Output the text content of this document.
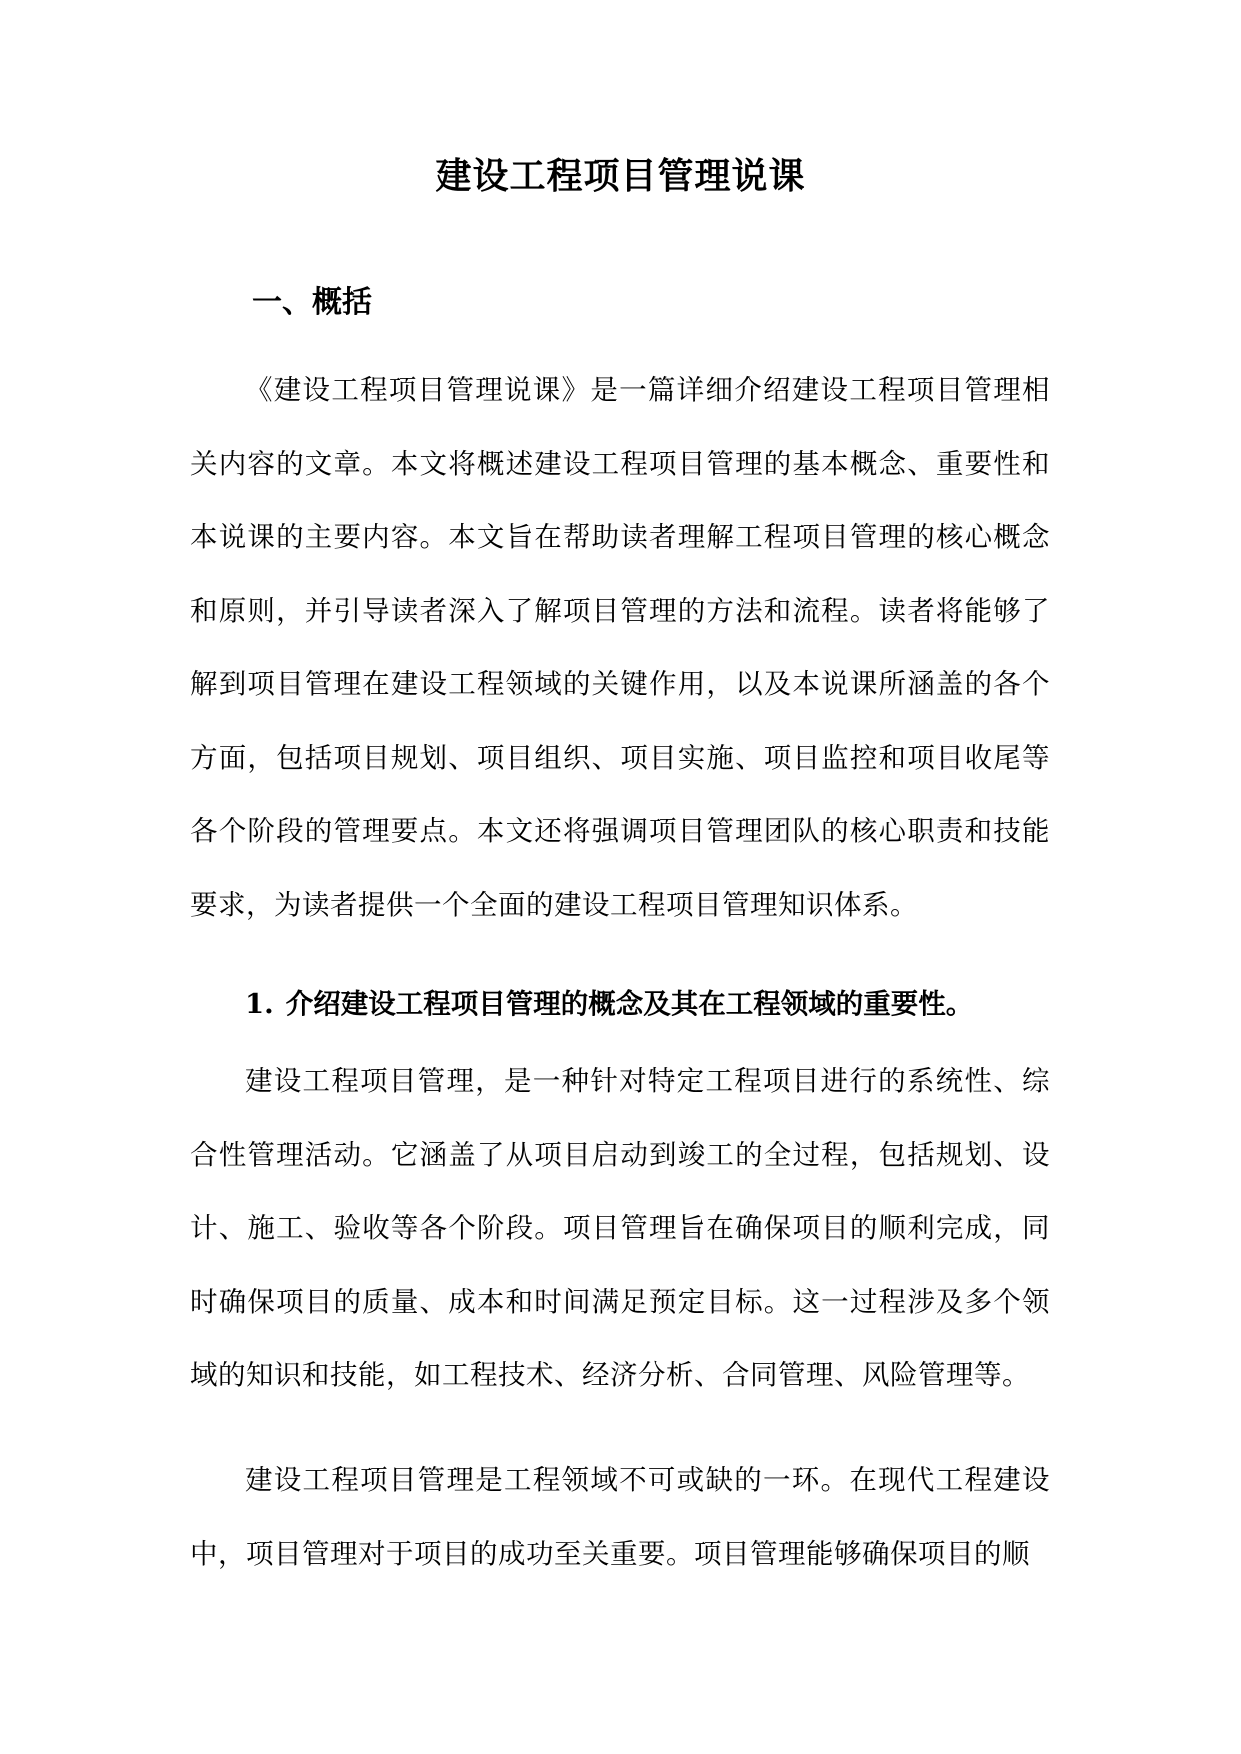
建设工程项目管理说课
一、概括

《建设工程项目管理说课》是一篇详细介绍建设工程项目管理相关内容的文章。本文将概述建设工程项目管理的基本概念、重要性和本说课的主要内容。本文旨在帮助读者理解工程项目管理的核心概念和原则，并引导读者深入了解项目管理的方法和流程。读者将能够了解到项目管理在建设工程领域的关键作用，以及本说课所涵盖的各个方面，包括项目规划、项目组织、项目实施、项目监控和项目收尾等各个阶段的管理要点。本文还将强调项目管理团队的核心职责和技能要求，为读者提供一个全面的建设工程项目管理知识体系。

1. 介绍建设工程项目管理的概念及其在工程领域的重要性。

建设工程项目管理，是一种针对特定工程项目进行的系统性、综合性管理活动。它涵盖了从项目启动到竣工的全过程，包括规划、设计、施工、验收等各个阶段。项目管理旨在确保项目的顺利完成，同时确保项目的质量、成本和时间满足预定目标。这一过程涉及多个领域的知识和技能，如工程技术、经济分析、合同管理、风险管理等。

建设工程项目管理是工程领域不可或缺的一环。在现代工程建设中，项目管理对于项目的成功至关重要。项目管理能够确保项目的顺
